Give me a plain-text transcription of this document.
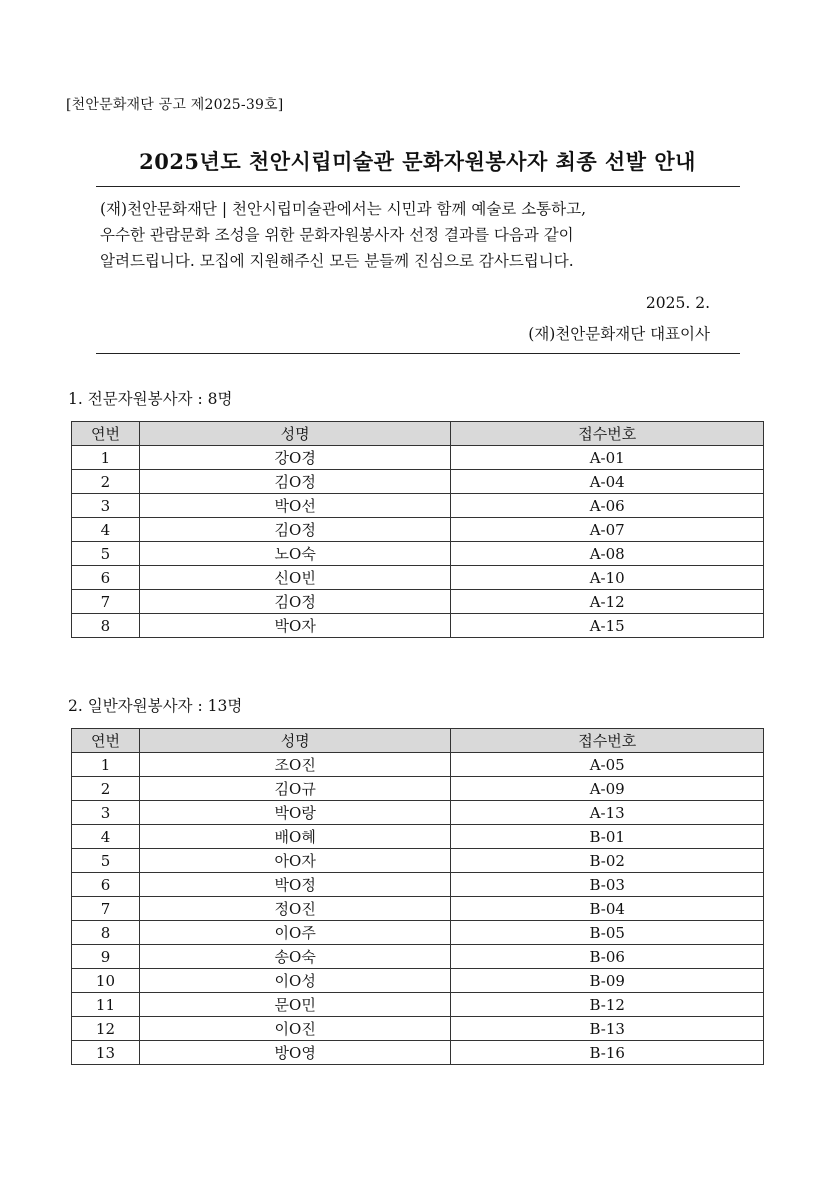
[천안문화재단 공고 제2025-39호]
2025년도 천안시립미술관 문화자원봉사자 최종 선발 안내
(재)천안문화재단 | 천안시립미술관에서는 시민과 함께 예술로 소통하고,
우수한 관람문화 조성을 위한 문화자원봉사자 선정 결과를 다음과 같이
알려드립니다. 모집에 지원해주신 모든 분들께 진심으로 감사드립니다.
2025. 2.
(재)천안문화재단 대표이사
1. 전문자원봉사자 : 8명
연번	성명	접수번호
1	강O경	A-01
2	김O정	A-04
3	박O선	A-06
4	김O정	A-07
5	노O숙	A-08
6	신O빈	A-10
7	김O정	A-12
8	박O자	A-15
2. 일반자원봉사자 : 13명
연번	성명	접수번호
1	조O진	A-05
2	김O규	A-09
3	박O랑	A-13
4	배O혜	B-01
5	아O자	B-02
6	박O정	B-03
7	정O진	B-04
8	이O주	B-05
9	송O숙	B-06
10	이O성	B-09
11	문O민	B-12
12	이O진	B-13
13	방O영	B-16
